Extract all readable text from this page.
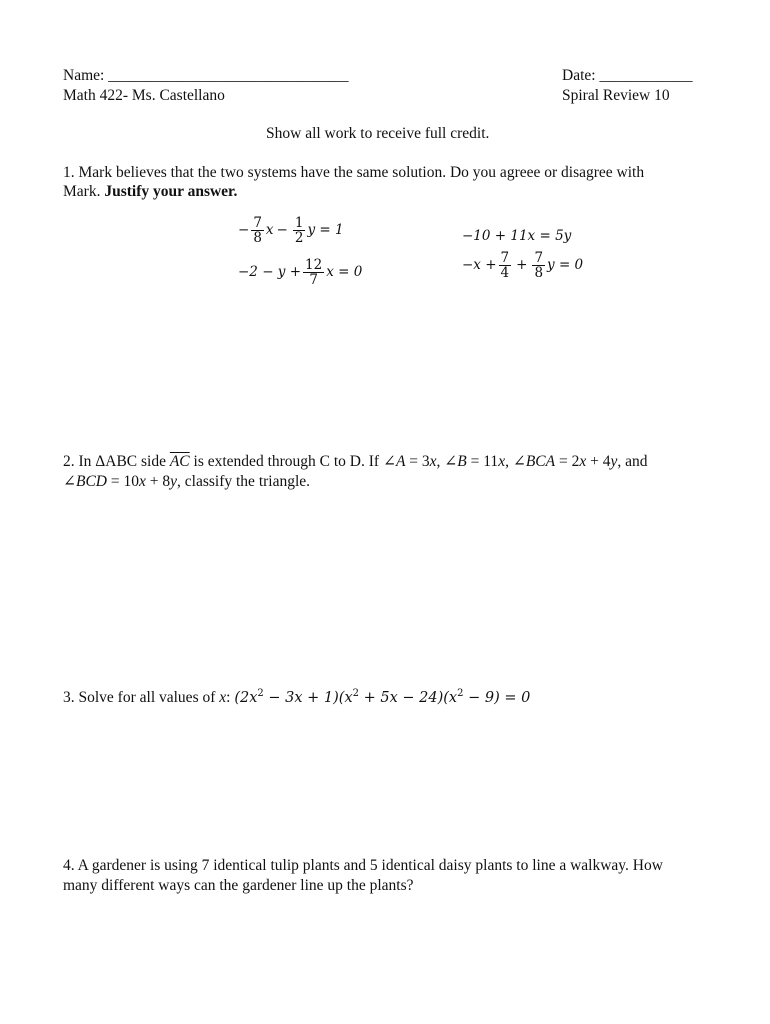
Name: _______________________________	Date: ____________
Math 422- Ms. Castellano	Spiral Review 10
Show all work to receive full credit.
1. Mark believes that the two systems have the same solution. Do you agreee or disagree with
Mark. Justify your answer.
− $\frac{7}{8}$ $x - \frac{1}{2}$ y = 1
$-2 - y + \frac{12}{7}$ x = 0
−10 + 11x = 5y
$-x + \frac{7}{4} + \frac{7}{8}$ y = 0
2. In ΔABC side $\overline{AC}$ is extended through C to D. If ∠A = 3x, ∠B = 11x, ∠BCA = 2x + 4y, and
∠BCD = 10x + 8y, classify the triangle.
3. Solve for all values of x: $(2x^2 - 3x + 1)(x^2 + 5x - 24)(x^2 - 9) = 0$
4. A gardener is using 7 identical tulip plants and 5 identical daisy plants to line a walkway. How
many different ways can the gardener line up the plants?
